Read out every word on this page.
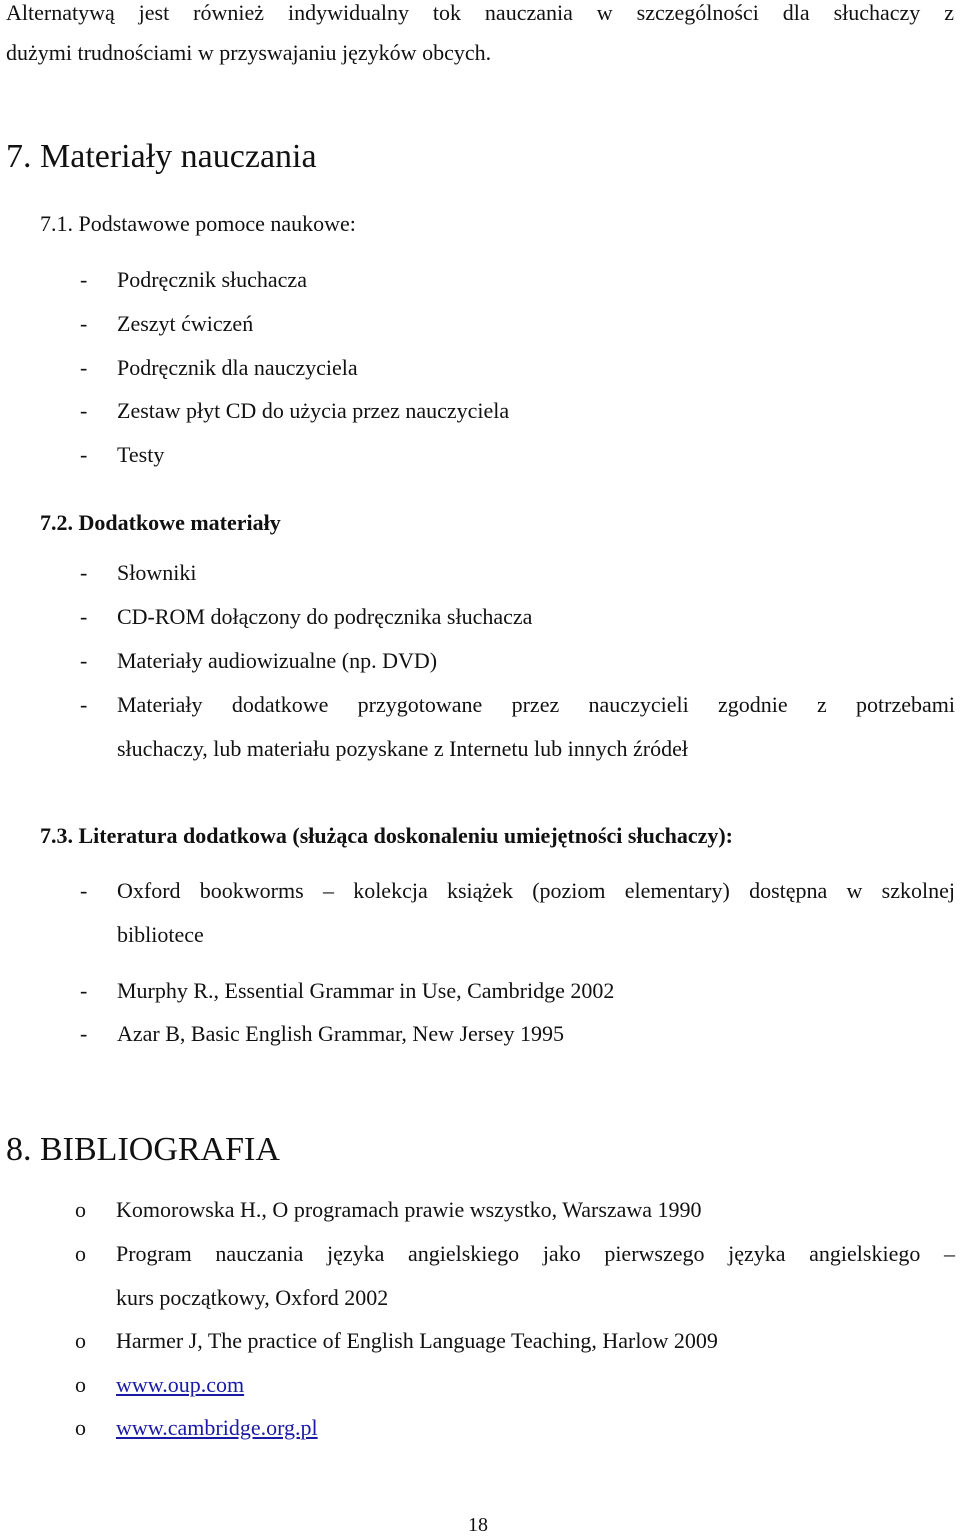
Alternatywą jest również indywidualny tok nauczania w szczególności dla słuchaczy z
dużymi trudnościami w przyswajaniu języków obcych.
7. Materiały nauczania
7.1. Podstawowe pomoce naukowe:
- Podręcznik słuchacza
- Zeszyt ćwiczeń
- Podręcznik dla nauczyciela
- Zestaw płyt CD do użycia przez nauczyciela
- Testy
7.2. Dodatkowe materiały
- Słowniki
- CD-ROM dołączony do podręcznika słuchacza
- Materiały audiowizualne (np. DVD)
- Materiały dodatkowe przygotowane przez nauczycieli zgodnie z potrzebami
słuchaczy, lub materiału pozyskane z Internetu lub innych źródeł
7.3. Literatura dodatkowa (służąca doskonaleniu umiejętności słuchaczy):
- Oxford bookworms – kolekcja książek (poziom elementary) dostępna w szkolnej
bibliotece
- Murphy R., Essential Grammar in Use, Cambridge 2002
- Azar B, Basic English Grammar, New Jersey 1995
8. BIBLIOGRAFIA
o Komorowska H., O programach prawie wszystko, Warszawa 1990
o Program nauczania języka angielskiego jako pierwszego języka angielskiego –
kurs początkowy, Oxford 2002
o Harmer J, The practice of English Language Teaching, Harlow 2009
o www.oup.com
o www.cambridge.org.pl
18
